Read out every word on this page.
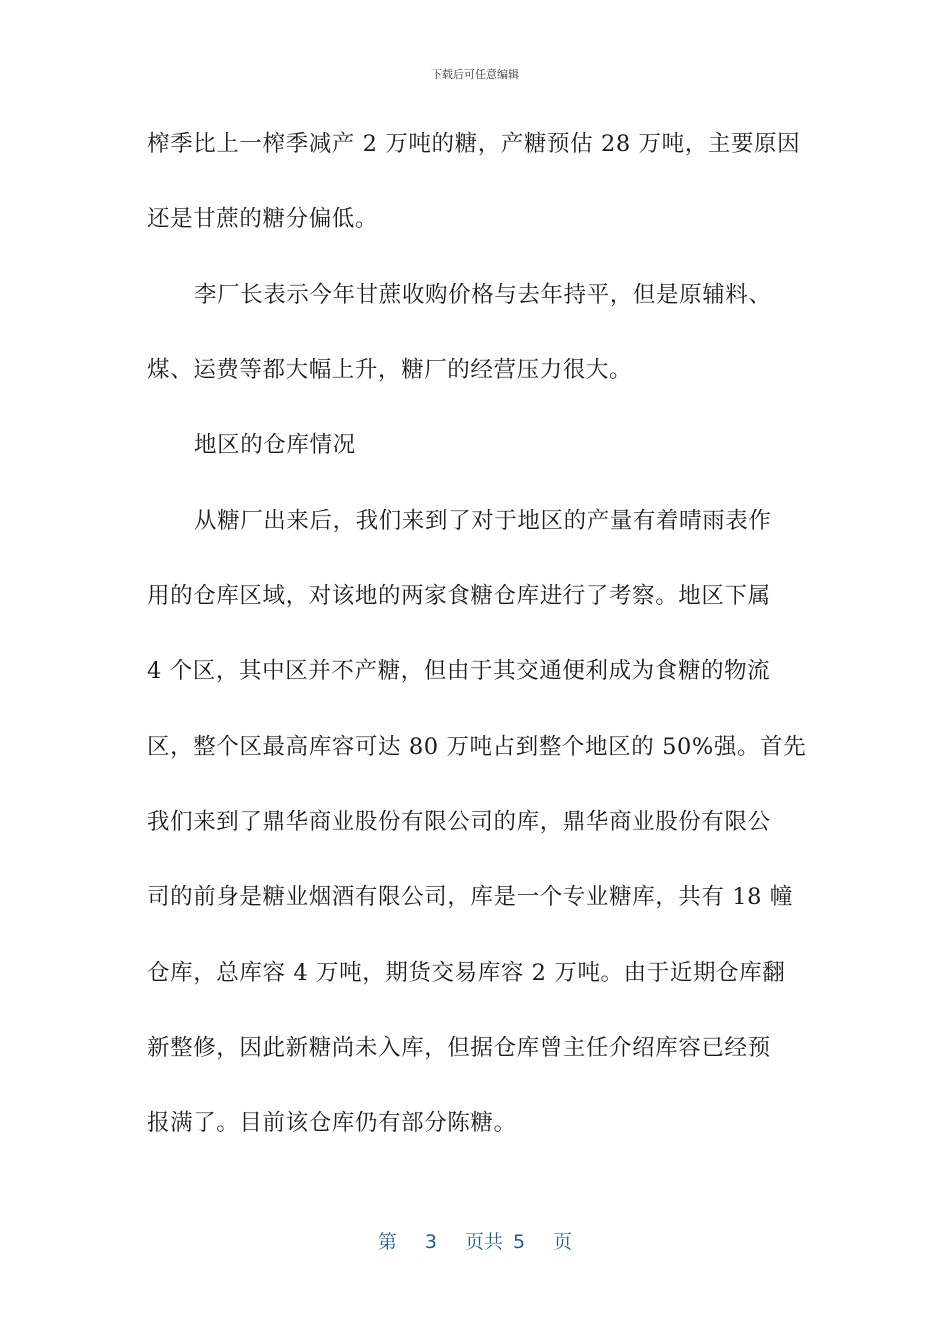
下载后可任意编辑
榨季比上一榨季减产 2 万吨的糖，产糖预估 28 万吨，主要原因
还是甘蔗的糖分偏低。
李厂长表示今年甘蔗收购价格与去年持平，但是原辅料、
煤、运费等都大幅上升，糖厂的经营压力很大。
地区的仓库情况
从糖厂出来后，我们来到了对于地区的产量有着晴雨表作
用的仓库区域，对该地的两家食糖仓库进行了考察。地区下属
4 个区，其中区并不产糖，但由于其交通便利成为食糖的物流
区，整个区最高库容可达 80 万吨占到整个地区的 50%强。首先
我们来到了鼎华商业股份有限公司的库，鼎华商业股份有限公
司的前身是糖业烟酒有限公司，库是一个专业糖库，共有 18 幢
仓库，总库容 4 万吨，期货交易库容 2 万吨。由于近期仓库翻
新整修，因此新糖尚未入库，但据仓库曾主任介绍库容已经预
报满了。目前该仓库仍有部分陈糖。
第 3 页共 5 页
